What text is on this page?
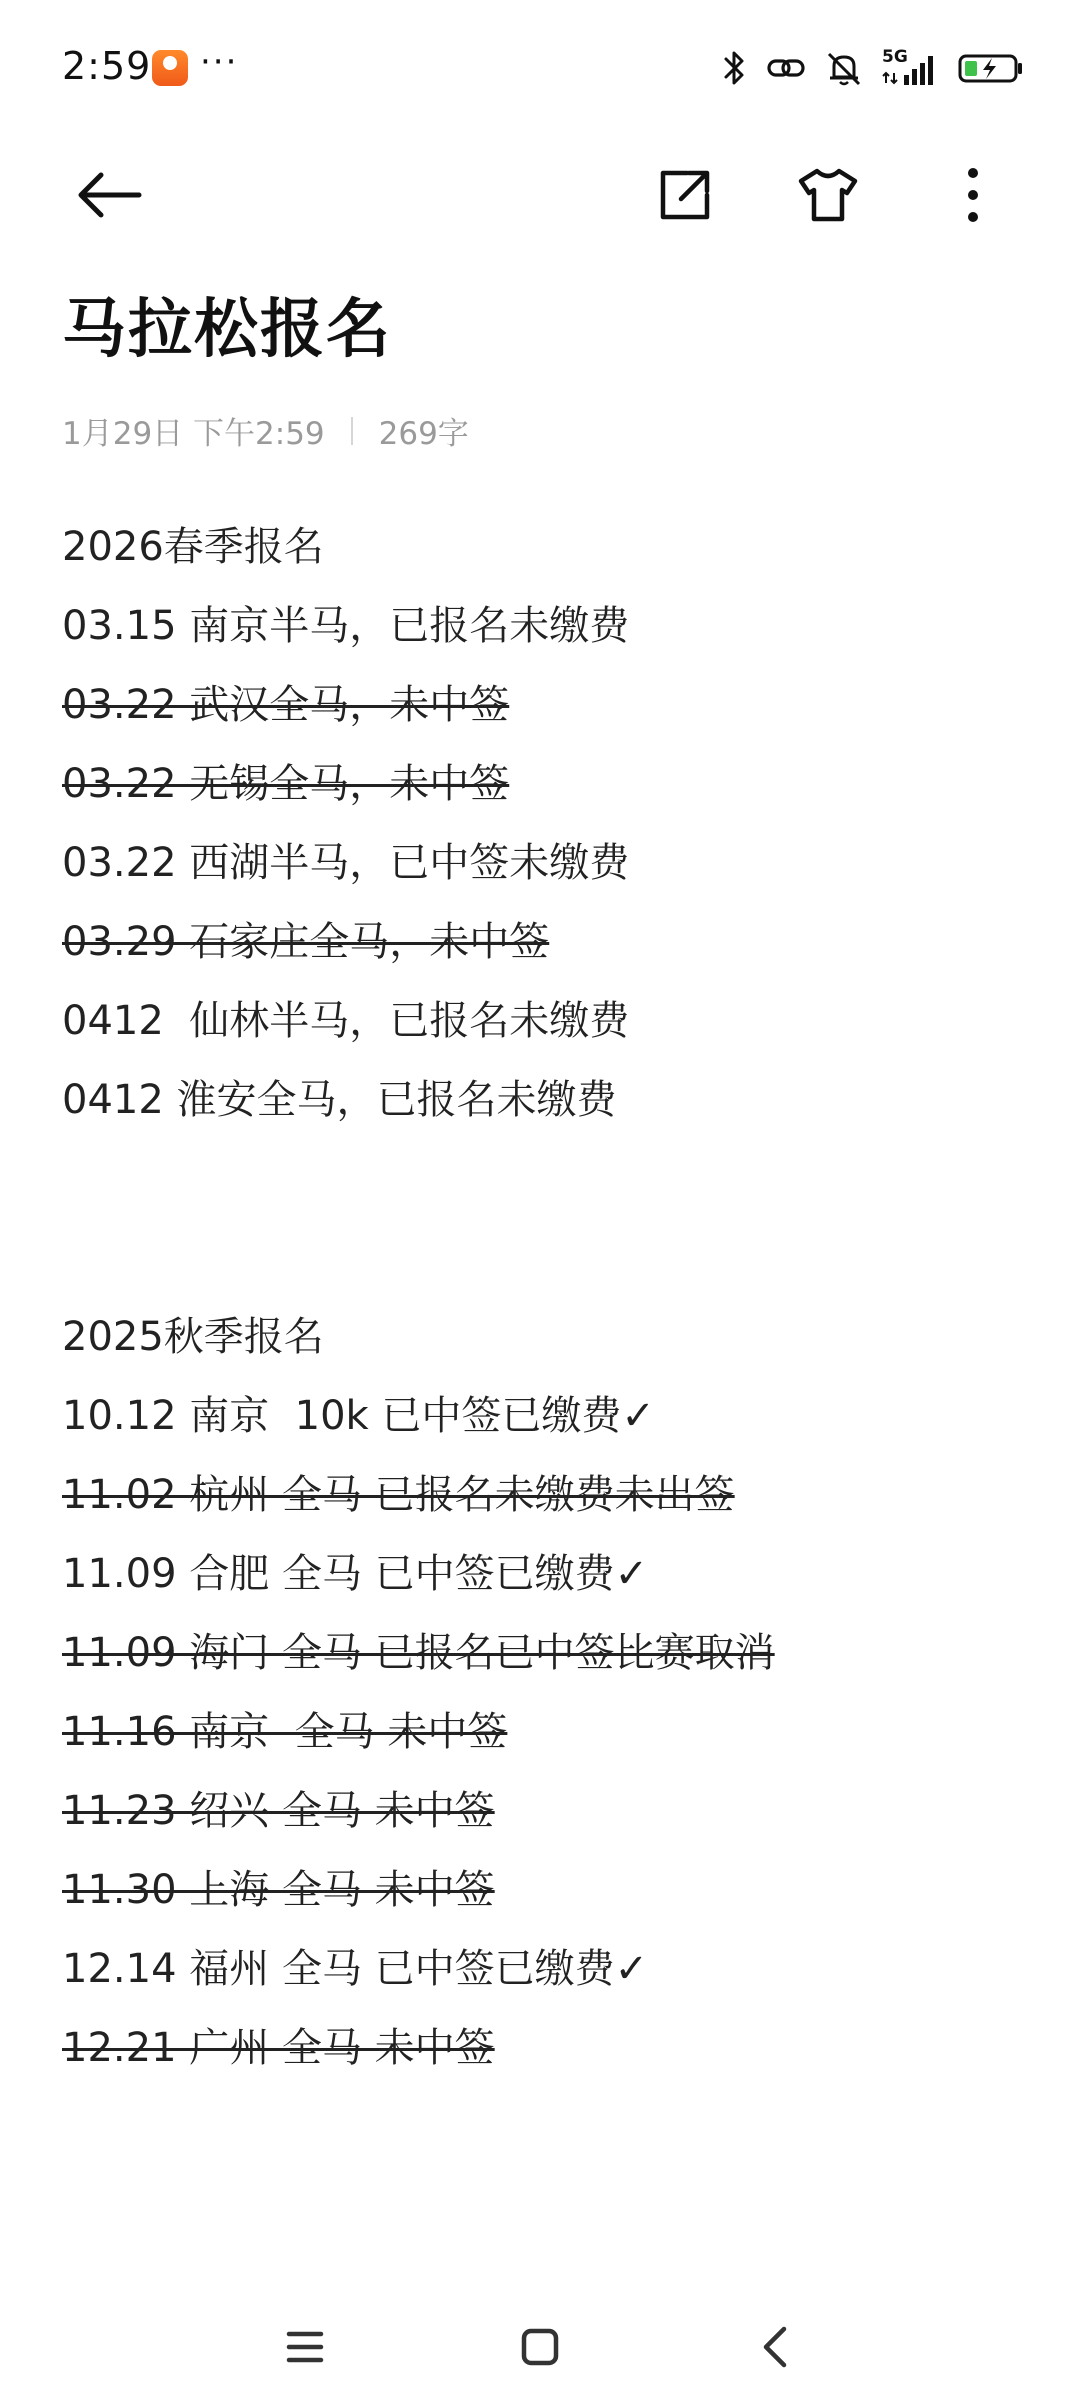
2:59 ···	5G
马拉松报名
1月29日 下午2:59 269字
2026春季报名
03.15 南京半马，已报名未缴费
03.22 武汉全马，未中签
03.22 无锡全马，未中签
03.22 西湖半马，已中签未缴费
03.29 石家庄全马，未中签
0412  仙林半马，已报名未缴费
0412 淮安全马，已报名未缴费
2025秋季报名
10.12 南京  10k 已中签已缴费✓
11.02 杭州 全马 已报名未缴费未出签
11.09 合肥 全马 已中签已缴费✓
11.09 海门 全马 已报名已中签比赛取消
11.16 南京  全马 未中签
11.23 绍兴 全马 未中签
11.30 上海 全马 未中签
12.14 福州 全马 已中签已缴费✓
12.21 广州 全马 未中签
